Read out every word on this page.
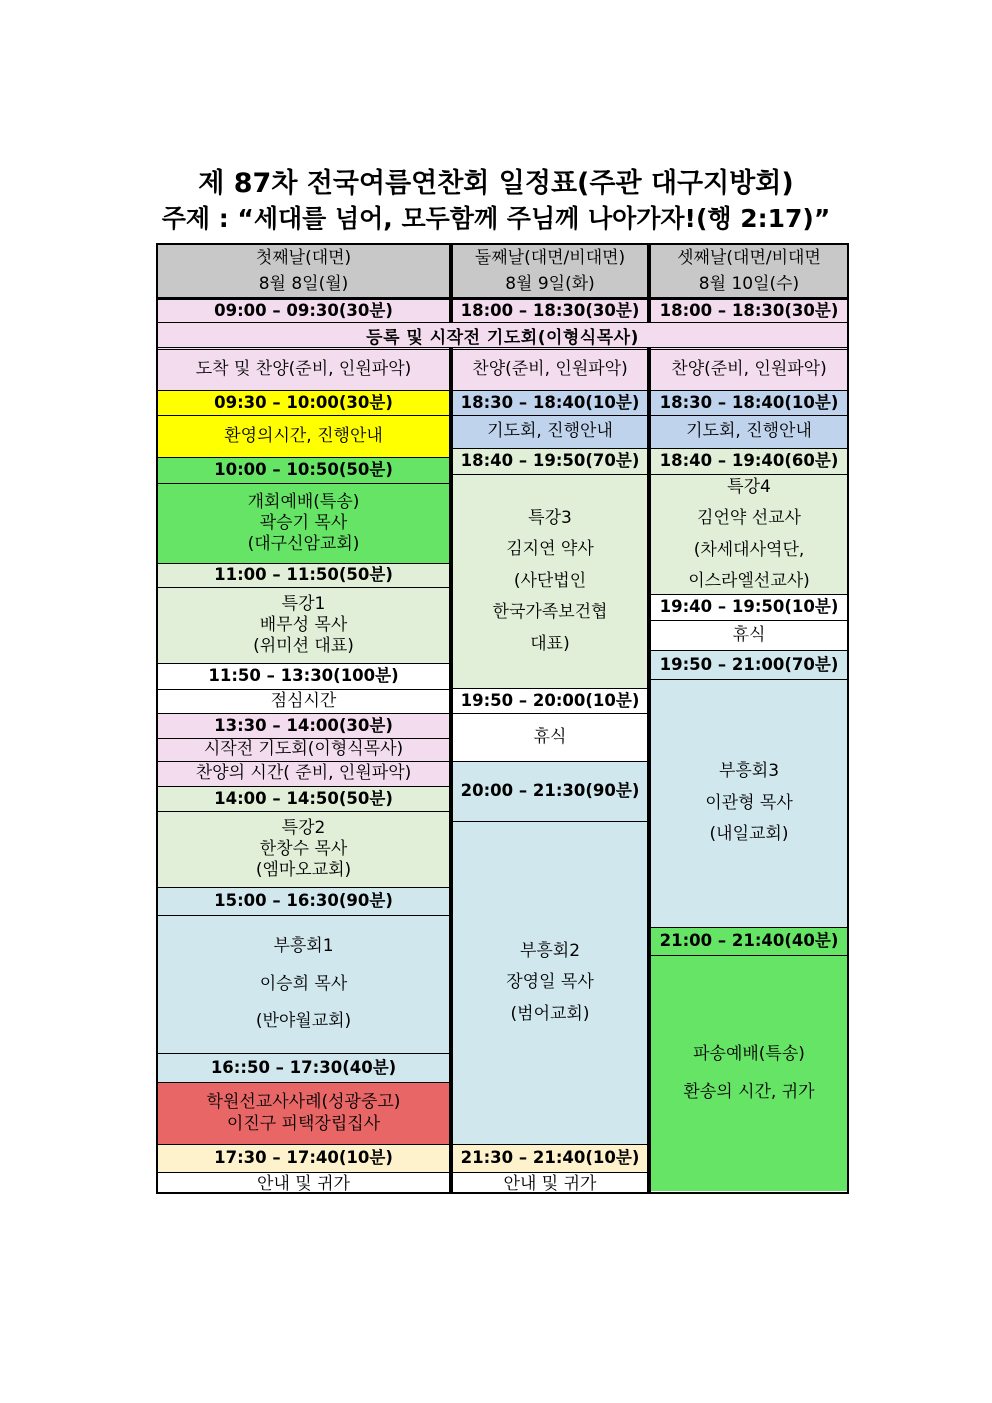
제 87차 전국여름연찬회 일정표(주관 대구지방회)
주제 : “세대를 넘어, 모두함께 주님께 나아가자!(행 2:17)”
첫째날(대면)
8월 8일(월)
09:00 – 09:30(30분)
도착 및 찬양(준비, 인원파악)
09:30 – 10:00(30분)
환영의시간, 진행안내
10:00 – 10:50(50분)
개회예배(특송)
곽승기 목사
(대구신암교회)
11:00 – 11:50(50분)
특강1
배무성 목사
(위미션 대표)
11:50 – 13:30(100분)
점심시간
13:30 – 14:00(30분)
시작전 기도회(이형식목사)
찬양의 시간( 준비, 인원파악)
14:00 – 14:50(50분)
특강2
한창수 목사
(엠마오교회)
15:00 – 16:30(90분)
부흥회1
이승희 목사
(반야월교회)
16::50 – 17:30(40분)
학원선교사사례(성광중고)
이진구 피택장립집사
17:30 – 17:40(10분)
안내 및 귀가
둘째날(대면/비대면)
8월 9일(화)
18:00 – 18:30(30분)
찬양(준비, 인원파악)
18:30 – 18:40(10분)
기도회, 진행안내
18:40 – 19:50(70분)
특강3
김지연 약사
(사단법인
한국가족보건협
대표)
19:50 – 20:00(10분)
휴식
20:00 – 21:30(90분)
부흥회2
장영일 목사
(범어교회)
21:30 – 21:40(10분)
안내 및 귀가
셋째날(대면/비대면
8월 10일(수)
18:00 – 18:30(30분)
찬양(준비, 인원파악)
18:30 – 18:40(10분)
기도회, 진행안내
18:40 – 19:40(60분)
특강4
김언약 선교사
(차세대사역단,
이스라엘선교사)
19:40 – 19:50(10분)
휴식
19:50 – 21:00(70분)
부흥회3
이관형 목사
(내일교회)
21:00 – 21:40(40분)
파송예배(특송)
환송의 시간, 귀가
등록 및 시작전 기도회(이형식목사)
